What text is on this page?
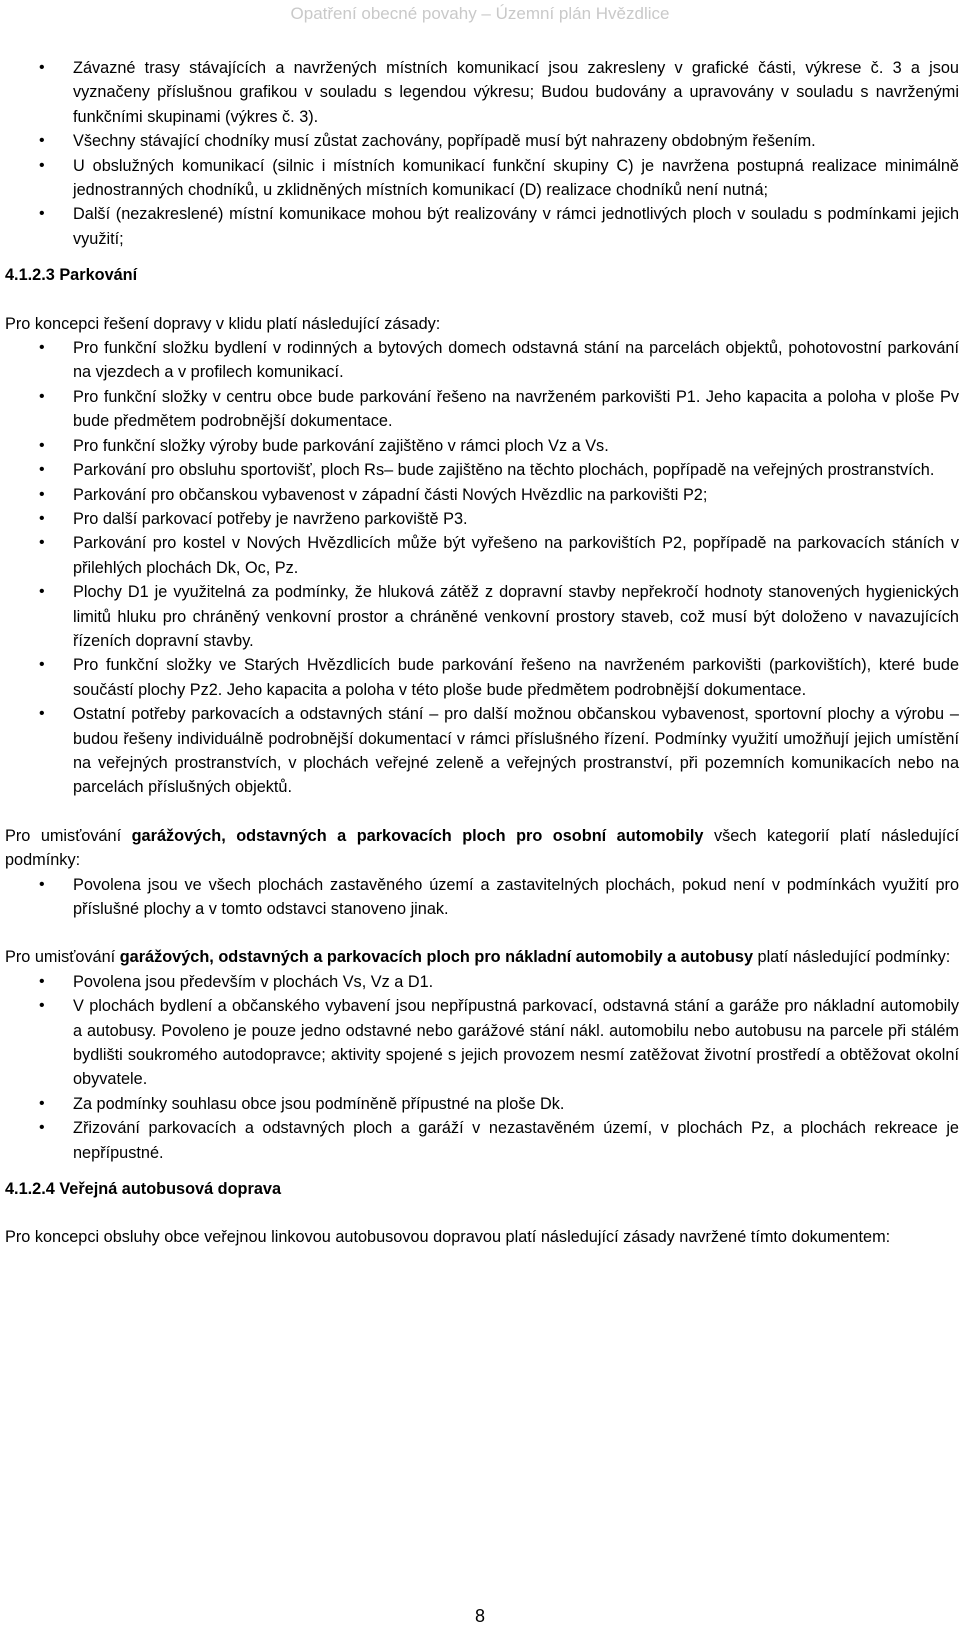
Opatření obecné povahy – Územní plán Hvězdlice
• Závazné trasy stávajících a navržených místních komunikací jsou zakresleny v grafické části, výkrese č. 3 a jsou vyznačeny příslušnou grafikou v souladu s legendou výkresu; Budou budovány a upravovány v souladu s navrženými funkčními skupinami (výkres č. 3).
• Všechny stávající chodníky musí zůstat zachovány, popřípadě musí být nahrazeny obdobným řešením.
• U obslužných komunikací (silnic i místních komunikací funkční skupiny C) je navržena postupná realizace minimálně jednostranných chodníků, u zklidněných místních komunikací (D) realizace chodníků není nutná;
• Další (nezakreslené) místní komunikace mohou být realizovány v rámci jednotlivých ploch v souladu s podmínkami jejich využití;

4.1.2.3 Parkování

Pro koncepci řešení dopravy v klidu platí následující zásady:

• Pro funkční složku bydlení v rodinných a bytových domech odstavná stání na parcelách objektů, pohotovostní parkování na vjezdech a v profilech komunikací.
• Pro funkční složky v centru obce bude parkování řešeno na navrženém parkovišti P1. Jeho kapacita a poloha v ploše Pv bude předmětem podrobnější dokumentace.
• Pro funkční složky výroby bude parkování zajištěno v rámci ploch Vz a Vs.
• Parkování pro obsluhu sportovišť, ploch Rs– bude zajištěno na těchto plochách, popřípadě na veřejných prostranstvích.
• Parkování pro občanskou vybavenost v západní části Nových Hvězdlic na parkovišti P2;
• Pro další parkovací potřeby je navrženo parkoviště P3.
• Parkování pro kostel v Nových Hvězdlicích může být vyřešeno na parkovištích P2, popřípadě na parkovacích stáních v přilehlých plochách Dk, Oc, Pz.
• Plochy D1 je využitelná za podmínky, že hluková zátěž z dopravní stavby nepřekročí hodnoty stanovených hygienických limitů hluku pro chráněný venkovní prostor a chráněné venkovní prostory staveb, což musí být doloženo v navazujících řízeních dopravní stavby.
• Pro funkční složky ve Starých Hvězdlicích bude parkování řešeno na navrženém parkovišti (parkovištích), které bude součástí plochy Pz2. Jeho kapacita a poloha v této ploše bude předmětem podrobnější dokumentace.
• Ostatní potřeby parkovacích a odstavných stání – pro další možnou občanskou vybavenost, sportovní plochy a výrobu – budou řešeny individuálně podrobnější dokumentací v rámci příslušného řízení. Podmínky využití umožňují jejich umístění na veřejných prostranstvích, v plochách veřejné zeleně a veřejných prostranství, při pozemních komunikacích nebo na parcelách příslušných objektů.

Pro umisťování garážových, odstavných a parkovacích ploch pro osobní automobily všech kategorií platí následující podmínky:

• Povolena jsou ve všech plochách zastavěného území a zastavitelných plochách, pokud není v podmínkách využití pro příslušné plochy a v tomto odstavci stanoveno jinak.

Pro umisťování garážových, odstavných a parkovacích ploch pro nákladní automobily a autobusy platí následující podmínky:

• Povolena jsou především v plochách Vs, Vz a D1.
• V plochách bydlení a občanského vybavení jsou nepřípustná parkovací, odstavná stání a garáže pro nákladní automobily a autobusy. Povoleno je pouze jedno odstavné nebo garážové stání nákl. automobilu nebo autobusu na parcele při stálém bydlišti soukromého autodopravce; aktivity spojené s jejich provozem nesmí zatěžovat životní prostředí a obtěžovat okolní obyvatele.
• Za podmínky souhlasu obce jsou podmíněně přípustné na ploše Dk.
• Zřizování parkovacích a odstavných ploch a garáží v nezastavěném území, v plochách Pz, a plochách rekreace je nepřípustné.

4.1.2.4 Veřejná autobusová doprava

Pro koncepci obsluhy obce veřejnou linkovou autobusovou dopravou platí následující zásady navržené tímto dokumentem:

8
